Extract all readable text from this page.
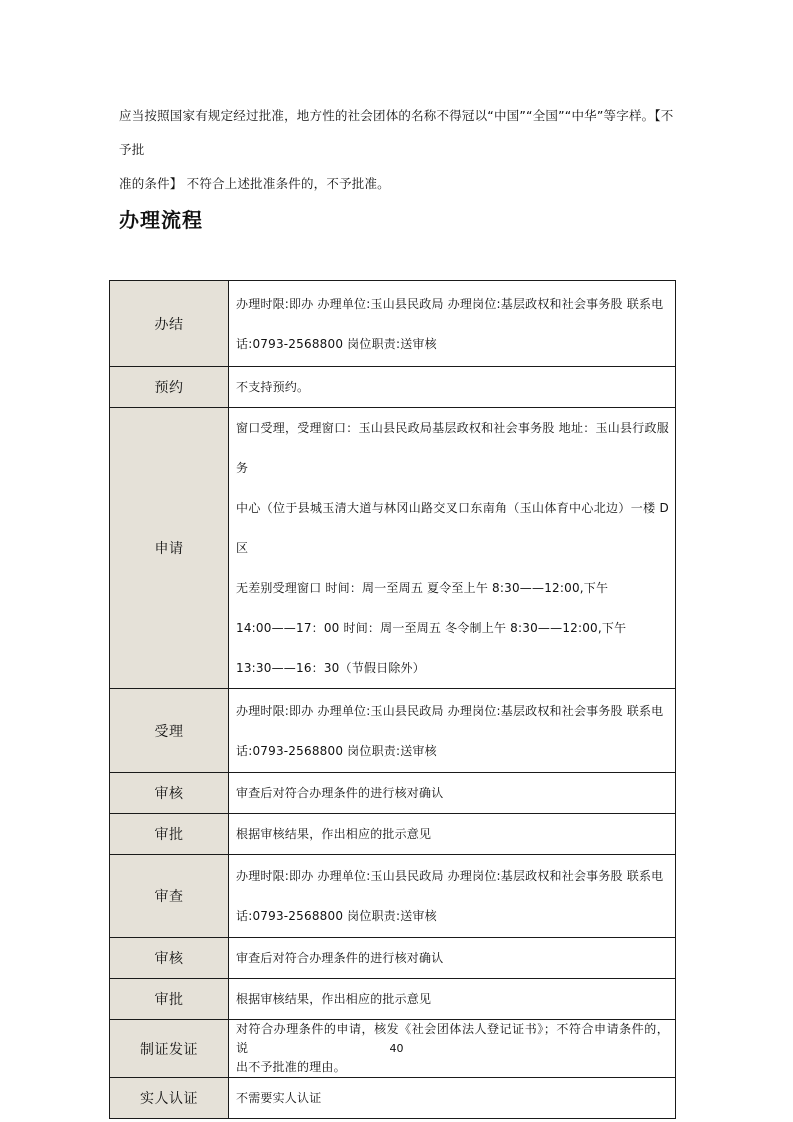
应当按照国家有规定经过批准，地方性的社会团体的名称不得冠以“中国”“全国”“中华”等字样。【不予批
准的条件】 不符合上述批准条件的，不予批准。
办理流程
办结	办理时限:即办 办理单位:玉山县民政局 办理岗位:基层政权和社会事务股 联系电
话:0793-2568800 岗位职责:送审核

预约	不支持预约。

申请	窗口受理，受理窗口：玉山县民政局基层政权和社会事务股 地址：玉山县行政服务
中心（位于县城玉清大道与林冈山路交叉口东南角（玉山体育中心北边）一楼 D 区
无差别受理窗口 时间：周一至周五 夏令至上午 8:30——12:00,下午
14:00——17：00 时间：周一至周五 冬令制上午 8:30——12:00,下午
13:30——16：30（节假日除外）

受理	办理时限:即办 办理单位:玉山县民政局 办理岗位:基层政权和社会事务股 联系电
话:0793-2568800 岗位职责:送审核

审核	审查后对符合办理条件的进行核对确认

审批	根据审核结果，作出相应的批示意见

审查	办理时限:即办 办理单位:玉山县民政局 办理岗位:基层政权和社会事务股 联系电
话:0793-2568800 岗位职责:送审核

审核	审查后对符合办理条件的进行核对确认

审批	根据审核结果，作出相应的批示意见

制证发证	对符合办理条件的申请，核发《社会团体法人登记证书》；不符合申请条件的，说
出不予批准的理由。

实人认证	不需要实人认证
40
